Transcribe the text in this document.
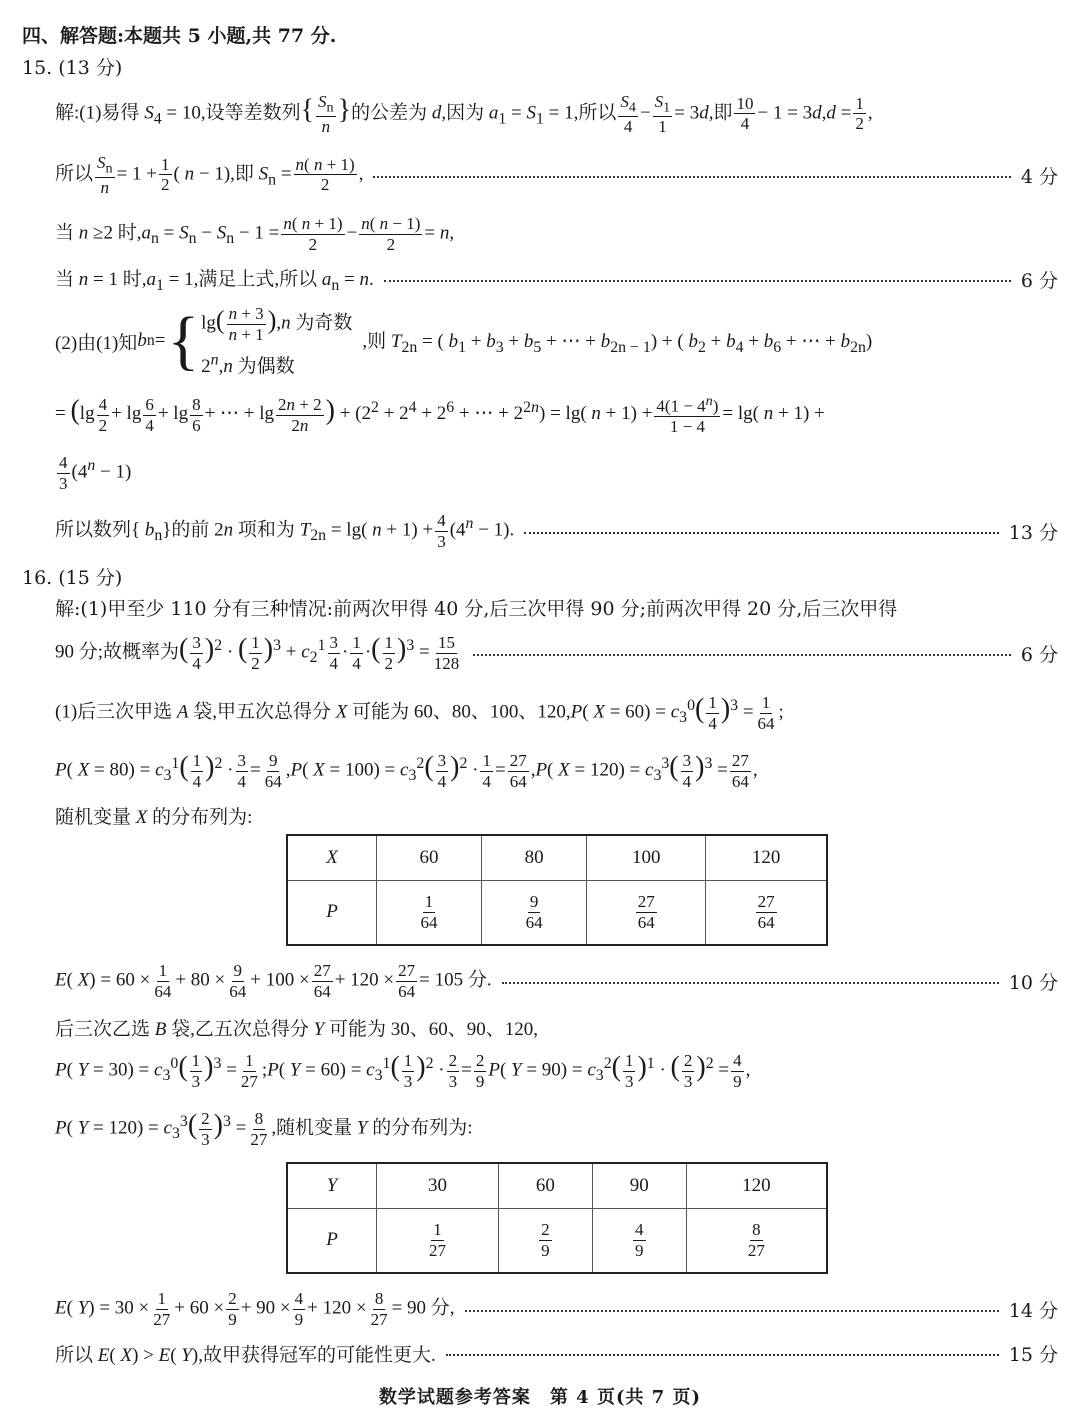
四、解答题:本题共 5 小题,共 77 分.
15. (13 分)
解:(1)易得 $S_4 = 10$,设等差数列{ $\frac{S_n}{n}$ }的公差为 d,因为 $a_1 = S_1 = 1$,所以 $\frac{S_4}{4} - \frac{S_1}{1} = 3d$,即 $\frac{10}{4} - 1 = 3d,d = \frac{1}{2}$ ,
所以 $\frac{S_n}{n} = 1 + \frac{1}{2}$ ( n − 1),即 $S_n = \frac{n( n + 1)}{2}$ ,	4 分
当 n ≥2 时$,a_n = S_n - S_n - 1 = \frac{n( n + 1)}{2} - \frac{n( n - 1)}{2} = n$,
当 n = 1 时$,a_1 = 1$,满足上式,所以 $a_n = n$.	6 分
(2)由(1)知 b n = { $\lg( \frac{n + 3}{n + 1} ),n$ 为奇数
2$^n$,n 为偶数
,则 $T_{2n}$ = ( $b_1 + b_3 + b_5$ + ⋯ + $b_{2n - 1}$) + ( $b_2 + b_4 + b_6$ + ⋯ + $b_{2n}$)
= ($\lg \frac{4}{2} + \lg \frac{6}{4} + \lg \frac{8}{6}$ + ⋯ + $\lg \frac{2n + 2}{2n}$ ) + ($2^2 + 2^4 + 2^6$ + ⋯ + $2^{2n}) = \lg$( $n + 1) + \frac{4(1 - 4^n)}{1 - 4} = \lg$( n + 1) +
$\frac{4}{3} (4^n - 1)$
所以数列{ $b_n$}的前 2n 项和为 $T_{2n} = \lg$( $n + 1) + \frac{4}{3} (4^n - 1)$.	13 分
16. (15 分)
解:(1)甲至少 110 分有三种情况:前两次甲得 40 分,后三次甲得 90 分;前两次甲得 20 分,后三次甲得
90 分;故概率为( $\frac{3}{4} )^2$ · ( $\frac{1}{2} )^3 + c_2^1 \frac{3}{4} \cdot \frac{1}{4}$ ·( $\frac{1}{2} )^3 = \frac{15}{128}$	6 分
(1)后三次甲选 A 袋,甲五次总得分 X 可能为 60、80、100、120,P( $X = 60) = c_3^0( \frac{1}{4} )^3 = \frac{1}{64}$ ;
P( $X = 80) = c_3^1( \frac{1}{4} )^2 \cdot \frac{3}{4} = \frac{9}{64} ,P$( $X = 100) = c_3^2( \frac{3}{4} )^2 \cdot \frac{1}{4} = \frac{27}{64} ,P$( $X = 120) = c_3^3( \frac{3}{4} )^3 = \frac{27}{64}$ ,
随机变量 X 的分布列为:
X	60	80	100	120
P	$\frac{1}{64}$	$\frac{9}{64}$	$\frac{27}{64}$	$\frac{27}{64}$
E( $X) = 60 \times \frac{1}{64} + 80 \times \frac{9}{64} + 100 \times \frac{27}{64} + 120 \times \frac{27}{64} = 105$ 分.	10 分
后三次乙选 B 袋,乙五次总得分 Y 可能为 30、60、90、120,
P( $Y = 30) = c_3^0( \frac{1}{3} )^3 = \frac{1}{27}$ ;P( $Y = 60) = c_3^1( \frac{1}{3} )^2 \cdot \frac{2}{3} = \frac{2}{9} P$( $Y = 90) = c_3^2( \frac{1}{3} )^1$ · ( $\frac{2}{3} )^2 = \frac{4}{9}$ ,
P( $Y = 120) = c_3^3( \frac{2}{3} )^3 = \frac{8}{27}$ ,随机变量 Y 的分布列为:
Y	30	60	90	120
P	$\frac{1}{27}$	$\frac{2}{9}$	$\frac{4}{9}$	$\frac{8}{27}$
E( $Y) = 30 \times \frac{1}{27} + 60 \times \frac{2}{9} + 90 \times \frac{4}{9} + 120 \times \frac{8}{27} = 90$ 分,	14 分
所以 E( X) > E( Y),故甲获得冠军的可能性更大.	15 分
数学试题参考答案　第 4 页(共 7 页)
